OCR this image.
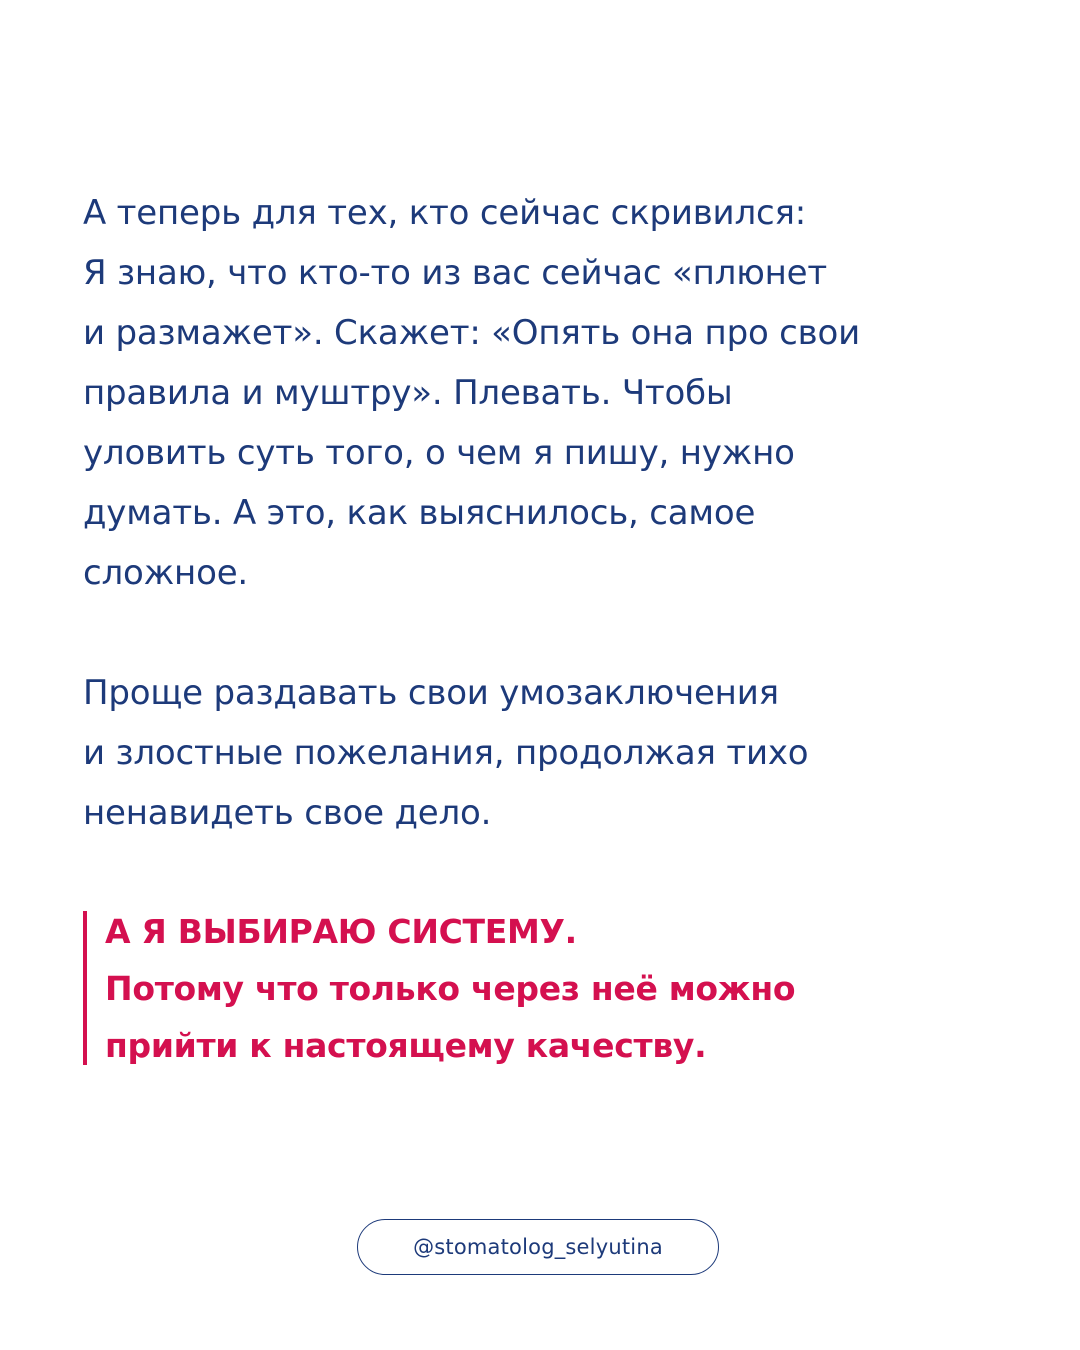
А теперь для тех, кто сейчас скривился:
Я знаю, что кто-то из вас сейчас «плюнет
и размажет». Скажет: «Опять она про свои
правила и муштру». Плевать. Чтобы
уловить суть того, о чем я пишу, нужно
думать. А это, как выяснилось, самое
сложное.

Проще раздавать свои умозаключения
и злостные пожелания, продолжая тихо
ненавидеть свое дело.

А Я ВЫБИРАЮ СИСТЕМУ.
Потому что только через неё можно
прийти к настоящему качеству.
@stomatolog_selyutina
